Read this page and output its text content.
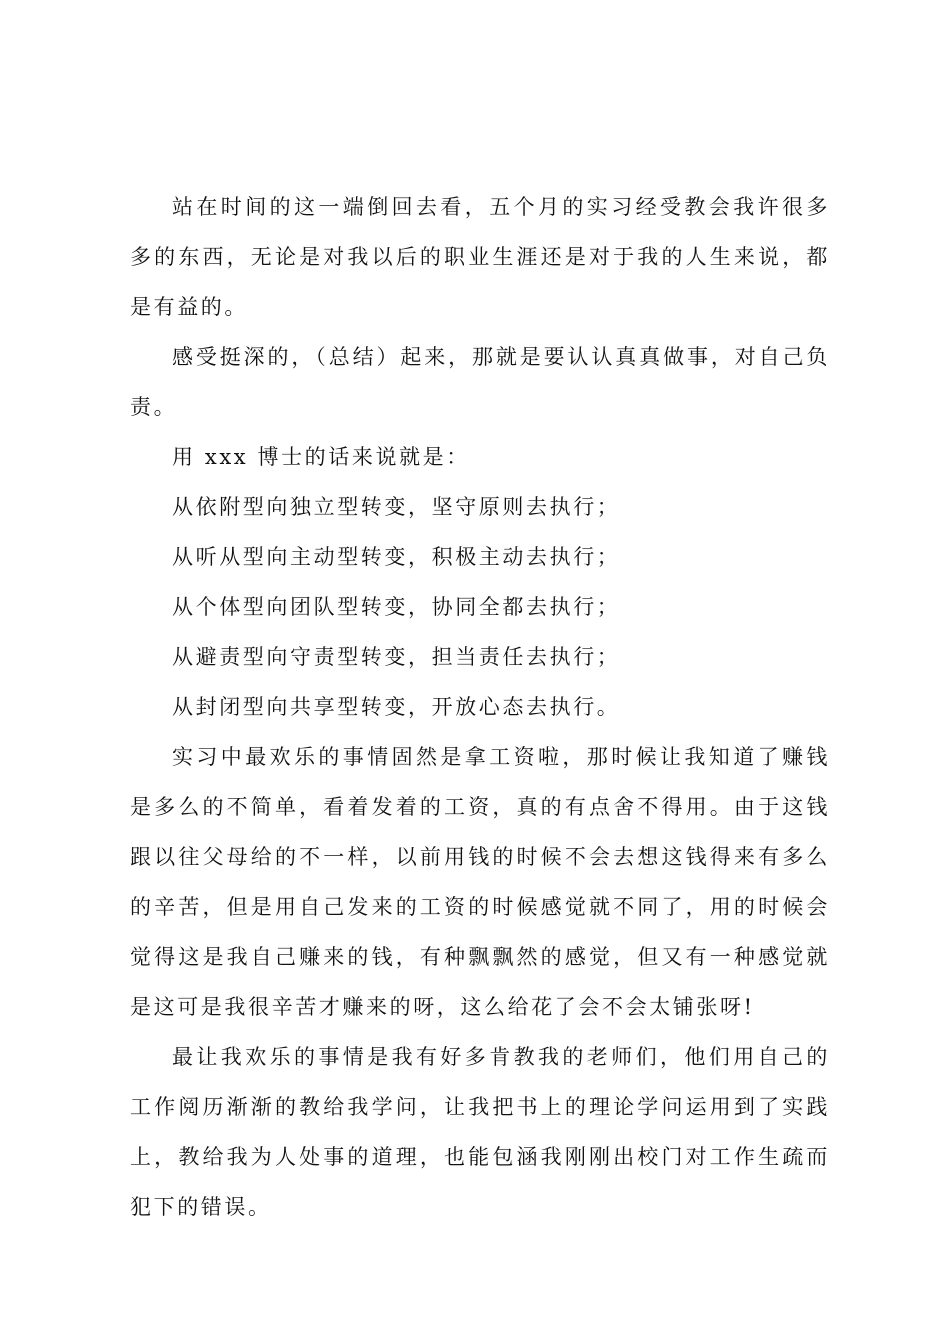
站在时间的这一端倒回去看，五个月的实习经受教会我许很多多的东西，无论是对我以后的职业生涯还是对于我的人生来说，都是有益的。

感受挺深的，（总结）起来，那就是要认认真真做事，对自己负责。

用 xxx 博士的话来说就是：
从依附型向独立型转变，坚守原则去执行；
从听从型向主动型转变，积极主动去执行；
从个体型向团队型转变，协同全都去执行；
从避责型向守责型转变，担当责任去执行；
从封闭型向共享型转变，开放心态去执行。

实习中最欢乐的事情固然是拿工资啦，那时候让我知道了赚钱是多么的不简单，看着发着的工资，真的有点舍不得用。由于这钱跟以往父母给的不一样，以前用钱的时候不会去想这钱得来有多么的辛苦，但是用自己发来的工资的时候感觉就不同了，用的时候会觉得这是我自己赚来的钱，有种飘飘然的感觉，但又有一种感觉就是这可是我很辛苦才赚来的呀，这么给花了会不会太铺张呀!

最让我欢乐的事情是我有好多肯教我的老师们，他们用自己的工作阅历渐渐的教给我学问，让我把书上的理论学问运用到了实践上，教给我为人处事的道理，也能包涵我刚刚出校门对工作生疏而犯下的错误。
